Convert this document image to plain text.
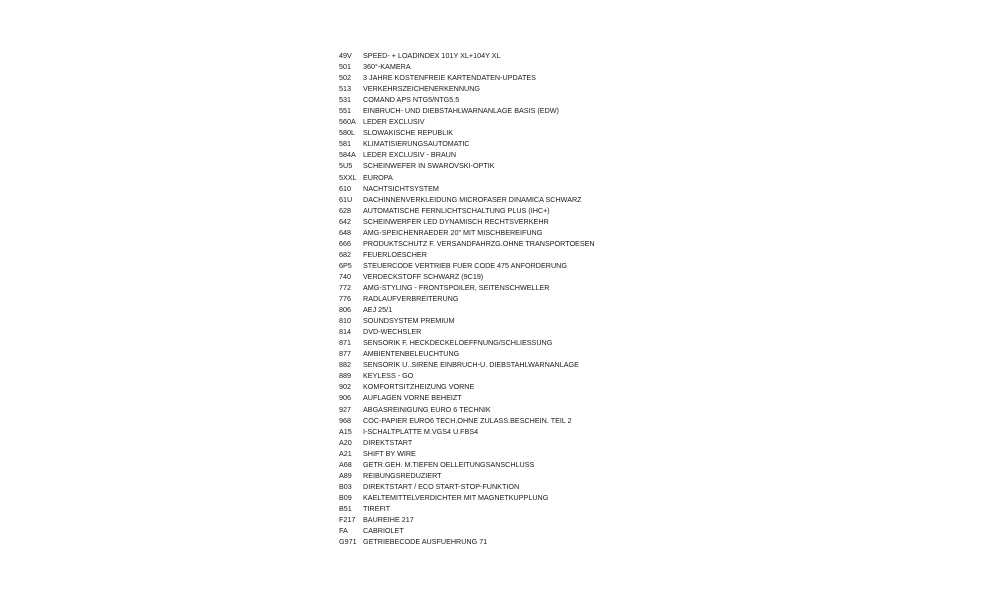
49V	SPEED- + LOADINDEX 101Y XL+104Y XL
501	360°-KAMERA
502	3 JAHRE KOSTENFREIE KARTENDATEN-UPDATES
513	VERKEHRSZEICHENERKENNUNG
531	COMAND APS NTG5/NTG5.5
551	EINBRUCH- UND DIEBSTAHLWARNANLAGE BASIS (EDW)
560A	LEDER EXCLUSIV
580L	SLOWAKISCHE REPUBLIK
581	KLIMATISIERUNGSAUTOMATIC
584A	LEDER EXCLUSIV - BRAUN
5U5	SCHEINWEFER IN SWAROVSKI-OPTIK
5XXL EUROPA
610	NACHTSICHTSYSTEM
61U	DACHINNENVERKLEIDUNG MICROFASER DINAMICA SCHWARZ
628	AUTOMATISCHE FERNLICHTSCHALTUNG PLUS (IHC+)
642	SCHEINWERFER LED DYNAMISCH RECHTSVERKEHR
648	AMG-SPEICHENRAEDER 20" MIT MISCHBEREIFUNG
666	PRODUKTSCHUTZ F. VERSANDFAHRZG.OHNE TRANSPORTOESEN
682	FEUERLOESCHER
6P5	STEUERCODE VERTRIEB FUER CODE 475 ANFORDERUNG
740	VERDECKSTOFF SCHWARZ (9C19)
772	AMG-STYLING - FRONTSPOILER, SEITENSCHWELLER
776	RADLAUFVERBREITERUNG
806	AEJ 25/1
810	SOUNDSYSTEM PREMIUM
814	DVD-WECHSLER
871	SENSORIK F. HECKDECKELOEFFNUNG/SCHLIESSUNG
877	AMBIENTENBELEUCHTUNG
882	SENSORIK U..SIRENE EINBRUCH-U. DIEBSTAHLWARNANLAGE
889	KEYLESS - GO
902	KOMFORTSITZHEIZUNG VORNE
906	AUFLAGEN VORNE BEHEIZT
927	ABGASREINIGUNG EURO 6 TECHNIK
968	COC-PAPIER EURO6 TECH.OHNE ZULASS.BESCHEIN. TEIL 2
A15	I-SCHALTPLATTE M.VGS4 U.FBS4
A20	DIREKTSTART
A21	SHIFT BY WIRE
A68	GETR.GEH. M.TIEFEN OELLEITUNGSANSCHLUSS
A89	REIBUNGSREDUZIERT
B03	DIREKTSTART / ECO START-STOP-FUNKTION
B09	KAELTEMITTELVERDICHTER MIT MAGNETKUPPLUNG
B51	TIREFIT
F217	BAUREIHE 217
FA	CABRIOLET
G971 GETRIEBECODE AUSFUEHRUNG 71
